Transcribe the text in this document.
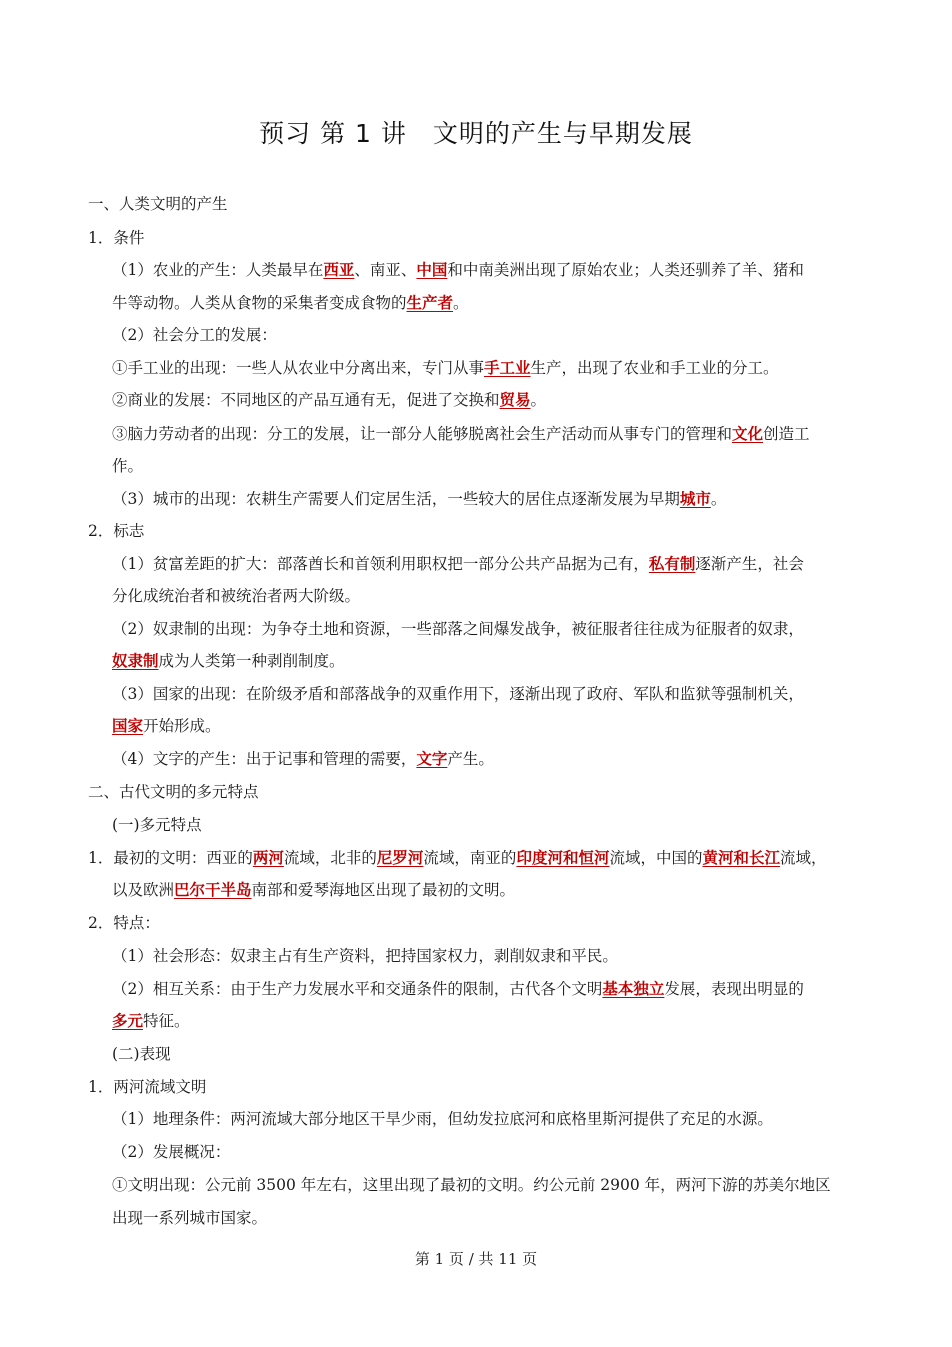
预习 第 1 讲　文明的产生与早期发展
一、人类文明的产生
1．条件
（1）农业的产生：人类最早在西亚、南亚、中国和中南美洲出现了原始农业；人类还驯养了羊、猪和
牛等动物。人类从食物的采集者变成食物的生产者。
（2）社会分工的发展：
①手工业的出现：一些人从农业中分离出来，专门从事手工业生产，出现了农业和手工业的分工。
②商业的发展：不同地区的产品互通有无，促进了交换和贸易。
③脑力劳动者的出现：分工的发展，让一部分人能够脱离社会生产活动而从事专门的管理和文化创造工
作。
（3）城市的出现：农耕生产需要人们定居生活，一些较大的居住点逐渐发展为早期城市。
2．标志
（1）贫富差距的扩大：部落酋长和首领利用职权把一部分公共产品据为己有，私有制逐渐产生，社会
分化成统治者和被统治者两大阶级。
（2）奴隶制的出现：为争夺土地和资源，一些部落之间爆发战争，被征服者往往成为征服者的奴隶，
奴隶制成为人类第一种剥削制度。
（3）国家的出现：在阶级矛盾和部落战争的双重作用下，逐渐出现了政府、军队和监狱等强制机关，
国家开始形成。
（4）文字的产生：出于记事和管理的需要，文字产生。
二、古代文明的多元特点
(一)多元特点
1．最初的文明：西亚的两河流域，北非的尼罗河流域，南亚的印度河和恒河流域，中国的黄河和长江流域，
以及欧洲巴尔干半岛南部和爱琴海地区出现了最初的文明。
2．特点：
（1）社会形态：奴隶主占有生产资料，把持国家权力，剥削奴隶和平民。
（2）相互关系：由于生产力发展水平和交通条件的限制，古代各个文明基本独立发展，表现出明显的
多元特征。
(二)表现
1．两河流域文明
（1）地理条件：两河流域大部分地区干旱少雨，但幼发拉底河和底格里斯河提供了充足的水源。
（2）发展概况：
①文明出现：公元前 3500 年左右，这里出现了最初的文明。约公元前 2900 年，两河下游的苏美尔地区
出现一系列城市国家。
第 1 页 / 共 11 页
